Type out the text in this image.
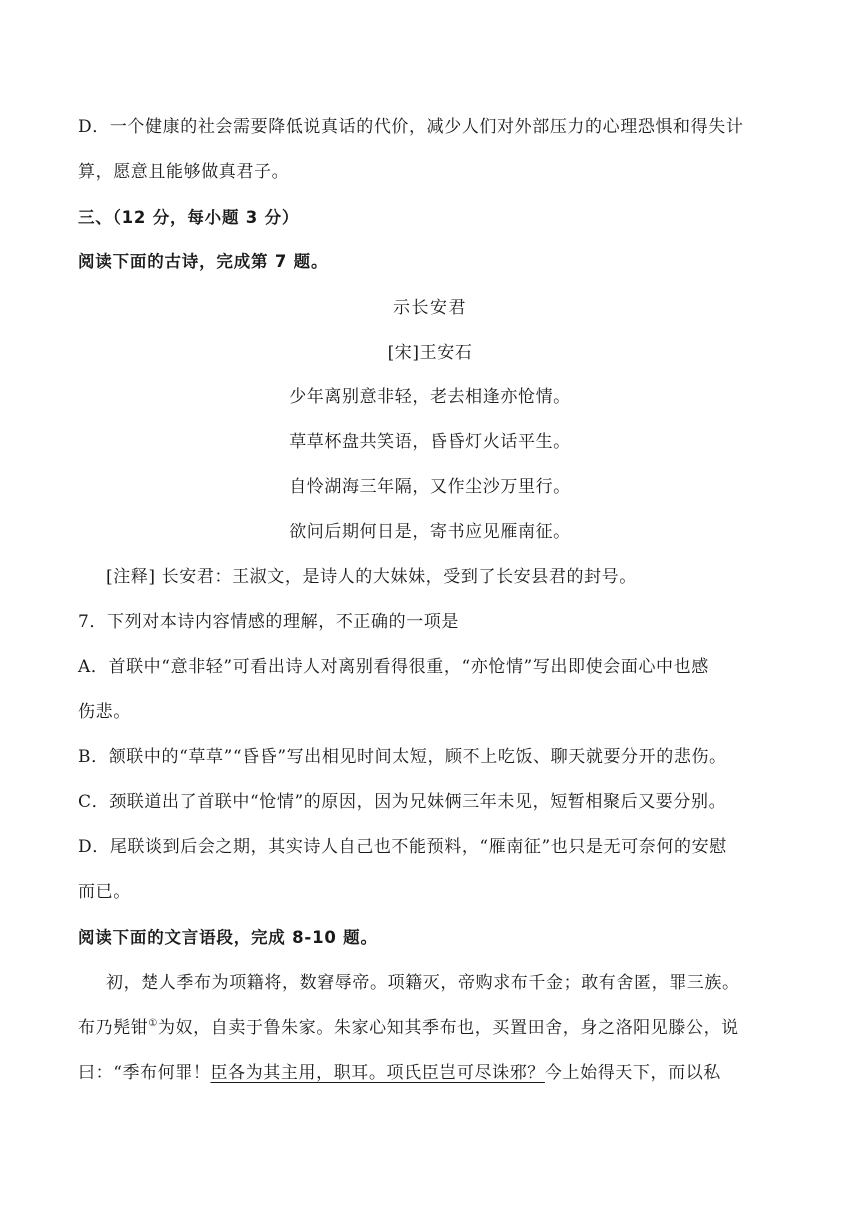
D．一个健康的社会需要降低说真话的代价，减少人们对外部压力的心理恐惧和得失计
算，愿意且能够做真君子。
三、（12 分，每小题 3 分）
阅读下面的古诗，完成第 7 题。
示长安君
[宋]王安石
少年离别意非轻，老去相逢亦怆情。
草草杯盘共笑语，昏昏灯火话平生。
自怜湖海三年隔，又作尘沙万里行。
欲问后期何日是，寄书应见雁南征。
[注释] 长安君：王淑文，是诗人的大妹妹，受到了长安县君的封号。
7．下列对本诗内容情感的理解，不正确的一项是
A．首联中“意非轻”可看出诗人对离别看得很重，“亦怆情”写出即使会面心中也感
伤悲。
B．颔联中的“草草”“昏昏”写出相见时间太短，顾不上吃饭、聊天就要分开的悲伤。
C．颈联道出了首联中“怆情”的原因，因为兄妹俩三年未见，短暂相聚后又要分别。
D．尾联谈到后会之期，其实诗人自己也不能预料，“雁南征”也只是无可奈何的安慰
而已。
阅读下面的文言语段，完成 8-10 题。
初，楚人季布为项籍将，数窘辱帝。项籍灭，帝购求布千金；敢有舍匿，罪三族。
布乃髡钳①为奴，自卖于鲁朱家。朱家心知其季布也，买置田舍，身之洛阳见滕公，说
曰：“季布何罪！臣各为其主用，职耳。项氏臣岂可尽诛邪？今上始得天下，而以私
